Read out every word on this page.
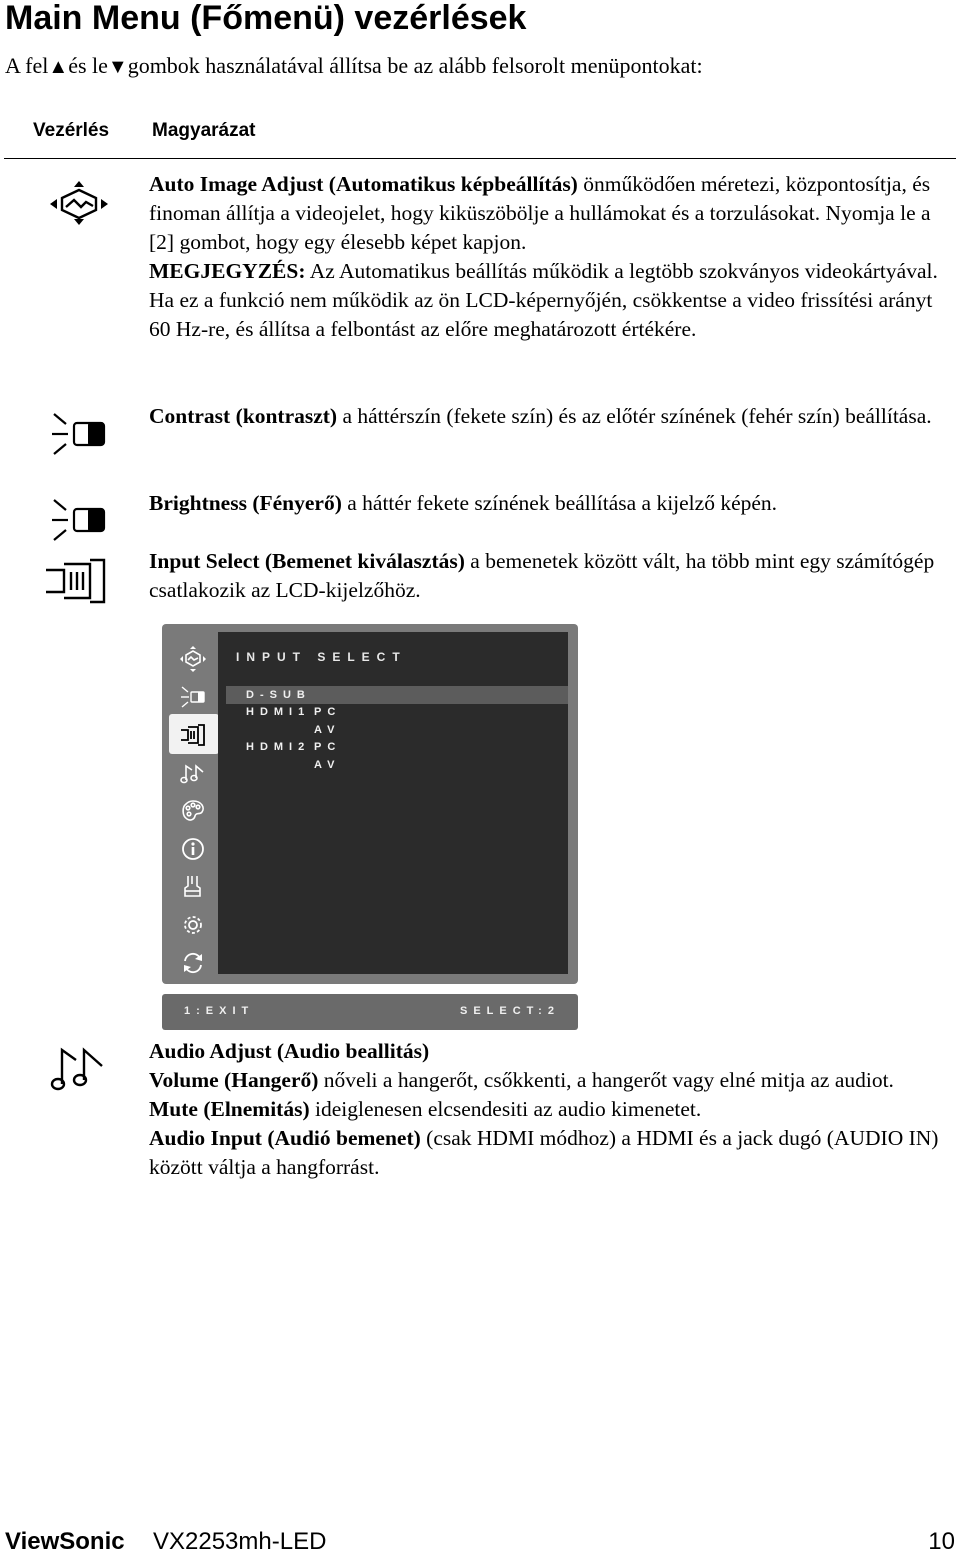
Main Menu (Főmenü) vezérlések
A fel▲és le▼gombok használatával állítsa be az alább felsorolt menüpontokat:
Vezérlés Magyarázat
Auto Image Adjust (Automatikus képbeállítás) önműködően méretezi, központosítja, és finoman állítja a videojelet, hogy kiküszöbölje a hullámokat és a torzulásokat. Nyomja le a [2] gombot, hogy egy élesebb képet kapjon.
MEGJEGYZÉS: Az Automatikus beállítás működik a legtöbb szokványos videokártyával. Ha ez a funkció nem működik az ön LCD-képernyőjén, csökkentse a video frissítési arányt 60 Hz-re, és állítsa a felbontást az előre meghatározott értékére.
Contrast (kontraszt) a háttérszín (fekete szín) és az előtér színének (fehér szín) beállítása.
Brightness (Fényerő) a háttér fekete színének beállítása a kijelző képén.
Input Select (Bemenet kiválasztás) a bemenetek között vált, ha több mint egy számítógép csatlakozik az LCD-kijelzőhöz.
INPUT SELECT
D-SUB
HDMI1 PC
AV
HDMI2 PC
AV
1:EXIT	SELECT:2
Audio Adjust (Audio beallitás)
Volume (Hangerő) nőveli a hangerőt, csőkkenti, a hangerőt vagy elné mitja az audiot.
Mute (Elnemitás) ideiglenesen elcsendesiti az audio kimenetet.
Audio Input (Audió bemenet) (csak HDMI módhoz) a HDMI és a jack dugó (AUDIO IN) között váltja a hangforrást.
ViewSonic VX2253mh-LED	10
